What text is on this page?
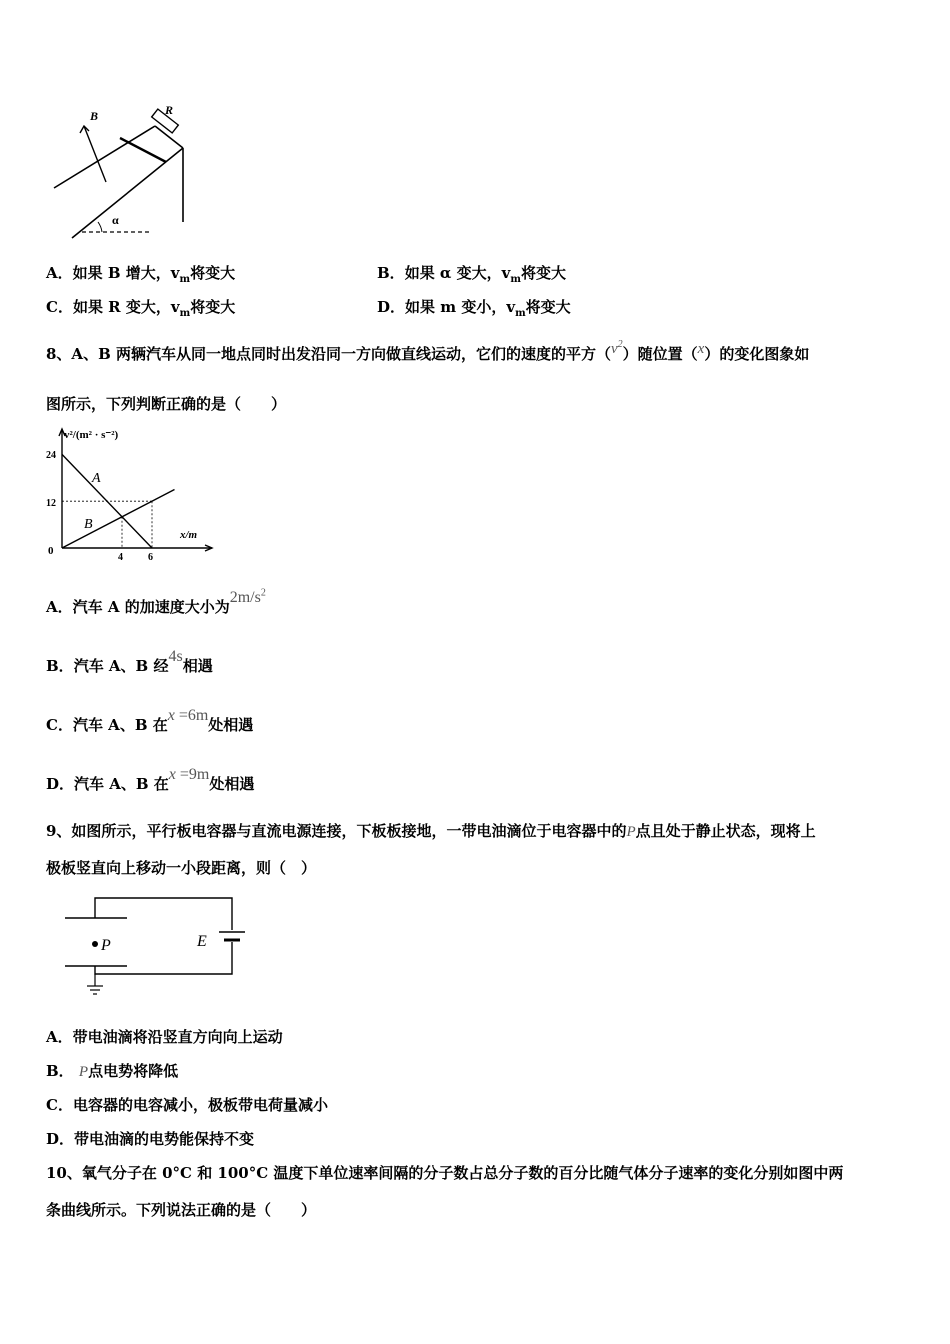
B	R
α
A．如果 B 增大，$v_m$将变大	B．如果 α 变大，$v_m$将变大
C．如果 R 变大，$v_m$将变大	D．如果 m 变小，$v_m$将变大
8、A、B 两辆汽车从同一地点同时出发沿同一方向做直线运动，它们的速度的平方$(v^2)$随位置（x）的变化图象如
图所示，下列判断正确的是（　　）
v²/(m² · s⁻²)
x/m
24
12
0
4	6
A
B
A．汽车 A 的加速度大小为$2m/s^2$
B．汽车 A、B 经4s相遇
C．汽车 A、B 在x =6m处相遇
D．汽车 A、B 在x =9m处相遇
9、如图所示，平行板电容器与直流电源连接，下板板接地，一带电油滴位于电容器中的P点且处于静止状态，现将上
极板竖直向上移动一小段距离，则（　）
P	E
A．带电油滴将沿竖直方向向上运动
B． P点电势将降低
C．电容器的电容减小，极板带电荷量减小
D．带电油滴的电势能保持不变
10、氧气分子在 0°C 和 100°C 温度下单位速率间隔的分子数占总分子数的百分比随气体分子速率的变化分别如图中两
条曲线所示。下列说法正确的是（　　）
